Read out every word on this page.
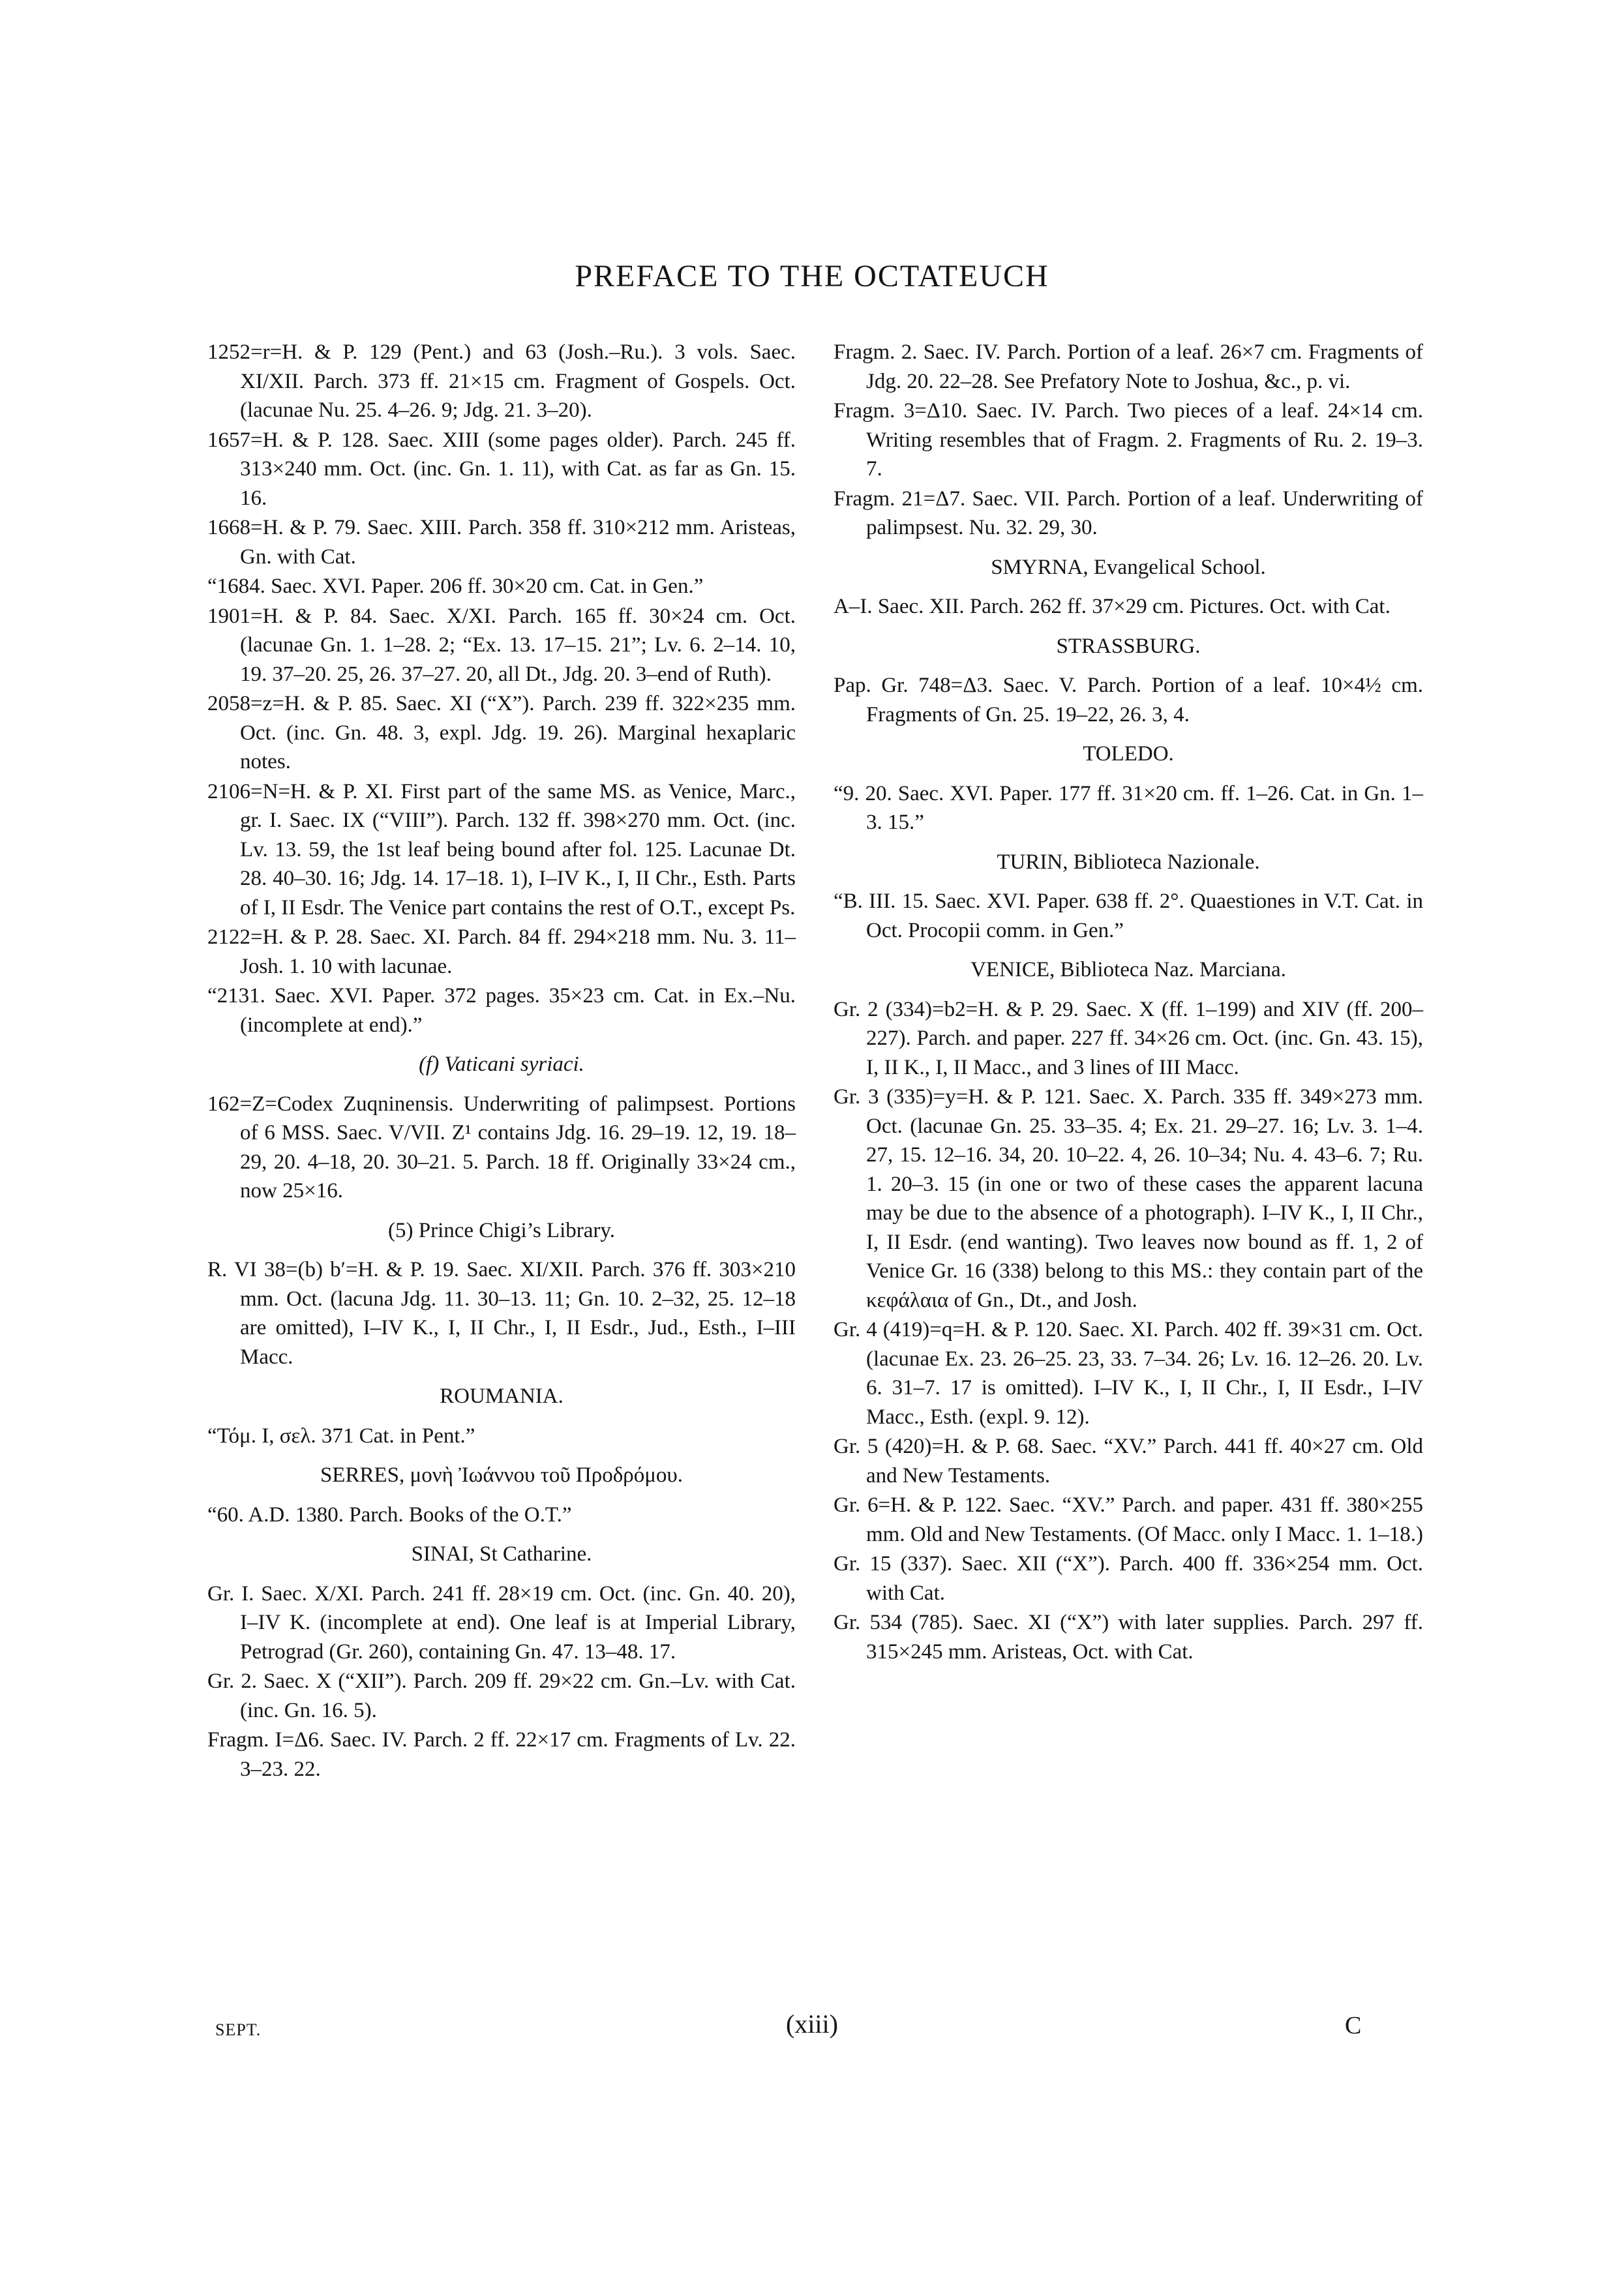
PREFACE TO THE OCTATEUCH

1252=r=H. & P. 129 (Pent.) and 63 (Josh.–Ru.). 3 vols. Saec. XI/XII. Parch. 373 ff. 21×15 cm. Fragment of Gospels. Oct. (lacunae Nu. 25. 4–26. 9; Jdg. 21. 3–20).

1657=H. & P. 128. Saec. XIII (some pages older). Parch. 245 ff. 313×240 mm. Oct. (inc. Gn. 1. 11), with Cat. as far as Gn. 15. 16.

1668=H. & P. 79. Saec. XIII. Parch. 358 ff. 310×212 mm. Aristeas, Gn. with Cat.

“1684. Saec. XVI. Paper. 206 ff. 30×20 cm. Cat. in Gen.”

1901=H. & P. 84. Saec. X/XI. Parch. 165 ff. 30×24 cm. Oct. (lacunae Gn. 1. 1–28. 2; “Ex. 13. 17–15. 21”; Lv. 6. 2–14. 10, 19. 37–20. 25, 26. 37–27. 20, all Dt., Jdg. 20. 3–end of Ruth).

2058=z=H. & P. 85. Saec. XI (“X”). Parch. 239 ff. 322×235 mm. Oct. (inc. Gn. 48. 3, expl. Jdg. 19. 26). Marginal hexaplaric notes.

2106=N=H. & P. XI. First part of the same MS. as Venice, Marc., gr. I. Saec. IX (“VIII”). Parch. 132 ff. 398×270 mm. Oct. (inc. Lv. 13. 59, the 1st leaf being bound after fol. 125. Lacunae Dt. 28. 40–30. 16; Jdg. 14. 17–18. 1), I–IV K., I, II Chr., Esth. Parts of I, II Esdr. The Venice part contains the rest of O.T., except Ps.

2122=H. & P. 28. Saec. XI. Parch. 84 ff. 294×218 mm. Nu. 3. 11–Josh. 1. 10 with lacunae.

“2131. Saec. XVI. Paper. 372 pages. 35×23 cm. Cat. in Ex.–Nu. (incomplete at end).”

(f) Vaticani syriaci.

162=Z=Codex Zuqninensis. Underwriting of palimpsest. Portions of 6 MSS. Saec. V/VII. Z¹ contains Jdg. 16. 29–19. 12, 19. 18–29, 20. 4–18, 20. 30–21. 5. Parch. 18 ff. Originally 33×24 cm., now 25×16.

(5) Prince Chigi’s Library.

R. VI 38=(b) b′=H. & P. 19. Saec. XI/XII. Parch. 376 ff. 303×210 mm. Oct. (lacuna Jdg. 11. 30–13. 11; Gn. 10. 2–32, 25. 12–18 are omitted), I–IV K., I, II Chr., I, II Esdr., Jud., Esth., I–III Macc.

ROUMANIA.

“Τόμ. I, σελ. 371 Cat. in Pent.”

SERRES, μονὴ Ἰωάννου τοῦ Προδρόμου.

“60. A.D. 1380. Parch. Books of the O.T.”

SINAI, St Catharine.

Gr. I. Saec. X/XI. Parch. 241 ff. 28×19 cm. Oct. (inc. Gn. 40. 20), I–IV K. (incomplete at end). One leaf is at Imperial Library, Petrograd (Gr. 260), containing Gn. 47. 13–48. 17.

Gr. 2. Saec. X (“XII”). Parch. 209 ff. 29×22 cm. Gn.–Lv. with Cat. (inc. Gn. 16. 5).

Fragm. I=Δ6. Saec. IV. Parch. 2 ff. 22×17 cm. Fragments of Lv. 22. 3–23. 22.

Fragm. 2. Saec. IV. Parch. Portion of a leaf. 26×7 cm. Fragments of Jdg. 20. 22–28. See Prefatory Note to Joshua, &c., p. vi.

Fragm. 3=Δ10. Saec. IV. Parch. Two pieces of a leaf. 24×14 cm. Writing resembles that of Fragm. 2. Fragments of Ru. 2. 19–3. 7.

Fragm. 21=Δ7. Saec. VII. Parch. Portion of a leaf. Underwriting of palimpsest. Nu. 32. 29, 30.

SMYRNA, Evangelical School.

A–I. Saec. XII. Parch. 262 ff. 37×29 cm. Pictures. Oct. with Cat.

STRASSBURG.

Pap. Gr. 748=Δ3. Saec. V. Parch. Portion of a leaf. 10×4½ cm. Fragments of Gn. 25. 19–22, 26. 3, 4.

TOLEDO.

“9. 20. Saec. XVI. Paper. 177 ff. 31×20 cm. ff. 1–26. Cat. in Gn. 1–3. 15.”

TURIN, Biblioteca Nazionale.

“B. III. 15. Saec. XVI. Paper. 638 ff. 2°. Quaestiones in V.T. Cat. in Oct. Procopii comm. in Gen.”

VENICE, Biblioteca Naz. Marciana.

Gr. 2 (334)=b2=H. & P. 29. Saec. X (ff. 1–199) and XIV (ff. 200–227). Parch. and paper. 227 ff. 34×26 cm. Oct. (inc. Gn. 43. 15), I, II K., I, II Macc., and 3 lines of III Macc.

Gr. 3 (335)=y=H. & P. 121. Saec. X. Parch. 335 ff. 349×273 mm. Oct. (lacunae Gn. 25. 33–35. 4; Ex. 21. 29–27. 16; Lv. 3. 1–4. 27, 15. 12–16. 34, 20. 10–22. 4, 26. 10–34; Nu. 4. 43–6. 7; Ru. 1. 20–3. 15 (in one or two of these cases the apparent lacuna may be due to the absence of a photograph). I–IV K., I, II Chr., I, II Esdr. (end wanting). Two leaves now bound as ff. 1, 2 of Venice Gr. 16 (338) belong to this MS.: they contain part of the κεφάλαια of Gn., Dt., and Josh.

Gr. 4 (419)=q=H. & P. 120. Saec. XI. Parch. 402 ff. 39×31 cm. Oct. (lacunae Ex. 23. 26–25. 23, 33. 7–34. 26; Lv. 16. 12–26. 20. Lv. 6. 31–7. 17 is omitted). I–IV K., I, II Chr., I, II Esdr., I–IV Macc., Esth. (expl. 9. 12).

Gr. 5 (420)=H. & P. 68. Saec. “XV.” Parch. 441 ff. 40×27 cm. Old and New Testaments.

Gr. 6=H. & P. 122. Saec. “XV.” Parch. and paper. 431 ff. 380×255 mm. Old and New Testaments. (Of Macc. only I Macc. 1. 1–18.)

Gr. 15 (337). Saec. XII (“X”). Parch. 400 ff. 336×254 mm. Oct. with Cat.

Gr. 534 (785). Saec. XI (“X”) with later supplies. Parch. 297 ff. 315×245 mm. Aristeas, Oct. with Cat.

SEPT.	(xiii)	C
